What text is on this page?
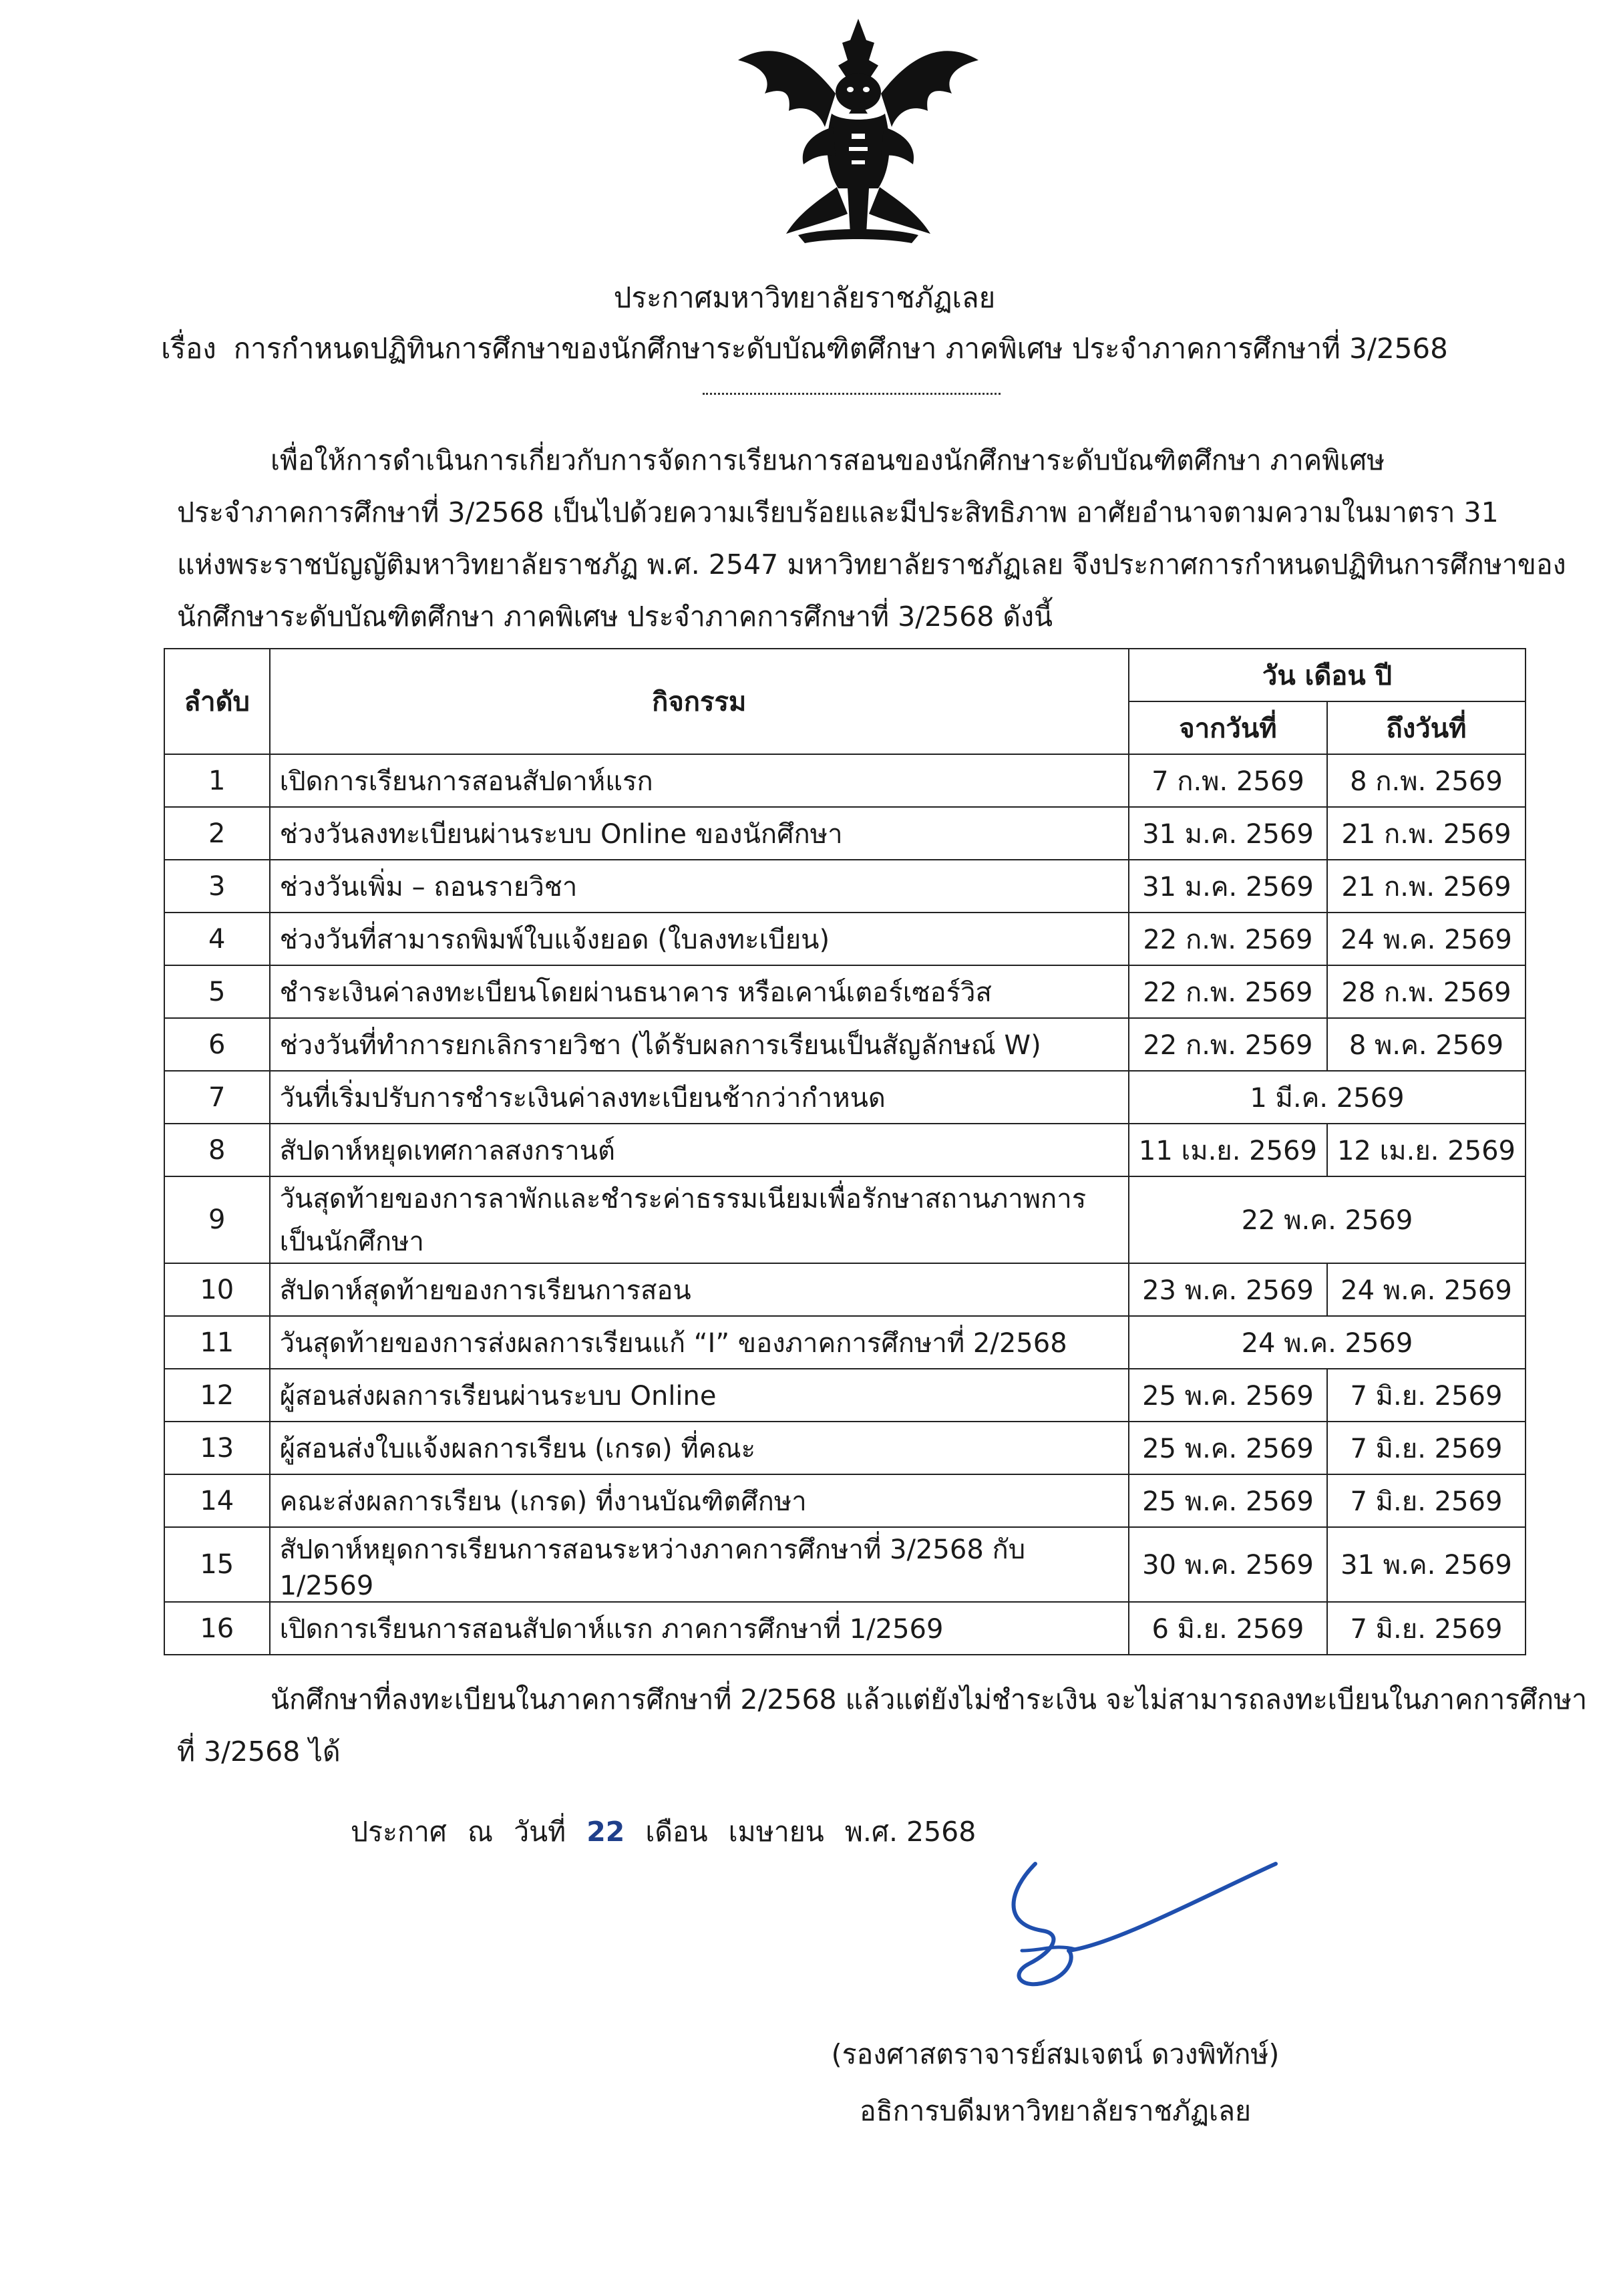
ประกาศมหาวิทยาลัยราชภัฏเลย
เรื่อง การกำหนดปฏิทินการศึกษาของนักศึกษาระดับบัณฑิตศึกษา ภาคพิเศษ ประจำภาคการศึกษาที่ 3/2568
เพื่อให้การดำเนินการเกี่ยวกับการจัดการเรียนการสอนของนักศึกษาระดับบัณฑิตศึกษา ภาคพิเศษ
ประจำภาคการศึกษาที่ 3/2568 เป็นไปด้วยความเรียบร้อยและมีประสิทธิภาพ อาศัยอำนาจตามความในมาตรา 31
แห่งพระราชบัญญัติมหาวิทยาลัยราชภัฏ พ.ศ. 2547 มหาวิทยาลัยราชภัฏเลย จึงประกาศการกำหนดปฏิทินการศึกษาของ
นักศึกษาระดับบัณฑิตศึกษา ภาคพิเศษ ประจำภาคการศึกษาที่ 3/2568 ดังนี้
ลำดับ	กิจกรรม	วัน เดือน ปี	
		จากวันที่	ถึงวันที่
1	เปิดการเรียนการสอนสัปดาห์แรก	7 ก.พ. 2569	8 ก.พ. 2569
2	ช่วงวันลงทะเบียนผ่านระบบ Online ของนักศึกษา	31 ม.ค. 2569	21 ก.พ. 2569
3	ช่วงวันเพิ่ม – ถอนรายวิชา	31 ม.ค. 2569	21 ก.พ. 2569
4	ช่วงวันที่สามารถพิมพ์ใบแจ้งยอด (ใบลงทะเบียน)	22 ก.พ. 2569	24 พ.ค. 2569
5	ชำระเงินค่าลงทะเบียนโดยผ่านธนาคาร หรือเคาน์เตอร์เซอร์วิส	22 ก.พ. 2569	28 ก.พ. 2569
6	ช่วงวันที่ทำการยกเลิกรายวิชา (ได้รับผลการเรียนเป็นสัญลักษณ์ W)	22 ก.พ. 2569	8 พ.ค. 2569
7	วันที่เริ่มปรับการชำระเงินค่าลงทะเบียนช้ากว่ากำหนด	1 มี.ค. 2569	
8	สัปดาห์หยุดเทศกาลสงกรานต์	11 เม.ย. 2569	12 เม.ย. 2569
9	วันสุดท้ายของการลาพักและชำระค่าธรรมเนียมเพื่อรักษาสถานภาพการเป็นนักศึกษา	22 พ.ค. 2569	
10	สัปดาห์สุดท้ายของการเรียนการสอน	23 พ.ค. 2569	24 พ.ค. 2569
11	วันสุดท้ายของการส่งผลการเรียนแก้ “I” ของภาคการศึกษาที่ 2/2568	24 พ.ค. 2569	
12	ผู้สอนส่งผลการเรียนผ่านระบบ Online	25 พ.ค. 2569	7 มิ.ย. 2569
13	ผู้สอนส่งใบแจ้งผลการเรียน (เกรด) ที่คณะ	25 พ.ค. 2569	7 มิ.ย. 2569
14	คณะส่งผลการเรียน (เกรด) ที่งานบัณฑิตศึกษา	25 พ.ค. 2569	7 มิ.ย. 2569
15	สัปดาห์หยุดการเรียนการสอนระหว่างภาคการศึกษาที่ 3/2568 กับ 1/2569	30 พ.ค. 2569	31 พ.ค. 2569
16	เปิดการเรียนการสอนสัปดาห์แรก ภาคการศึกษาที่ 1/2569	6 มิ.ย. 2569	7 มิ.ย. 2569
นักศึกษาที่ลงทะเบียนในภาคการศึกษาที่ 2/2568 แล้วแต่ยังไม่ชำระเงิน จะไม่สามารถลงทะเบียนในภาคการศึกษา
ที่ 3/2568 ได้
ประกาศ ณ วันที่ 22 เดือน เมษายน พ.ศ. 2568
(รองศาสตราจารย์สมเจตน์ ดวงพิทักษ์)
อธิการบดีมหาวิทยาลัยราชภัฏเลย
